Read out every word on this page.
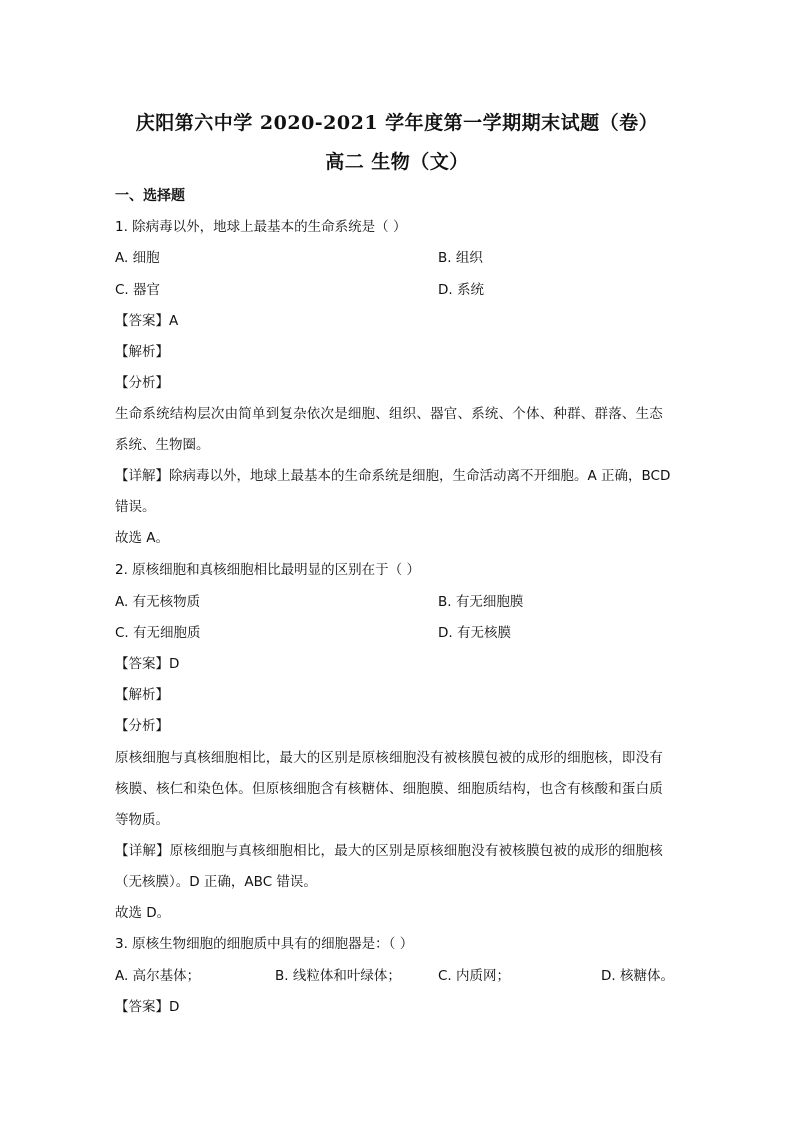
庆阳第六中学 2020-2021 学年度第一学期期末试题（卷）
高二 生物（文）
一、选择题
1. 除病毒以外，地球上最基本的生命系统是（ ）
A. 细胞	B. 组织
C. 器官	D. 系统
【答案】A
【解析】
【分析】
生命系统结构层次由简单到复杂依次是细胞、组织、器官、系统、个体、种群、群落、生态
系统、生物圈。
【详解】除病毒以外，地球上最基本的生命系统是细胞，生命活动离不开细胞。A 正确，BCD
错误。
故选 A。
2. 原核细胞和真核细胞相比最明显的区别在于（ ）
A. 有无核物质	B. 有无细胞膜
C. 有无细胞质	D. 有无核膜
【答案】D
【解析】
【分析】
原核细胞与真核细胞相比，最大的区别是原核细胞没有被核膜包被的成形的细胞核，即没有
核膜、核仁和染色体。但原核细胞含有核糖体、细胞膜、细胞质结构，也含有核酸和蛋白质
等物质。
【详解】原核细胞与真核细胞相比，最大的区别是原核细胞没有被核膜包被的成形的细胞核
（无核膜）。D 正确，ABC 错误。
故选 D。
3. 原核生物细胞的细胞质中具有的细胞器是：（ ）
A. 高尔基体；	B. 线粒体和叶绿体；	C. 内质网；	D. 核糖体。
【答案】D
